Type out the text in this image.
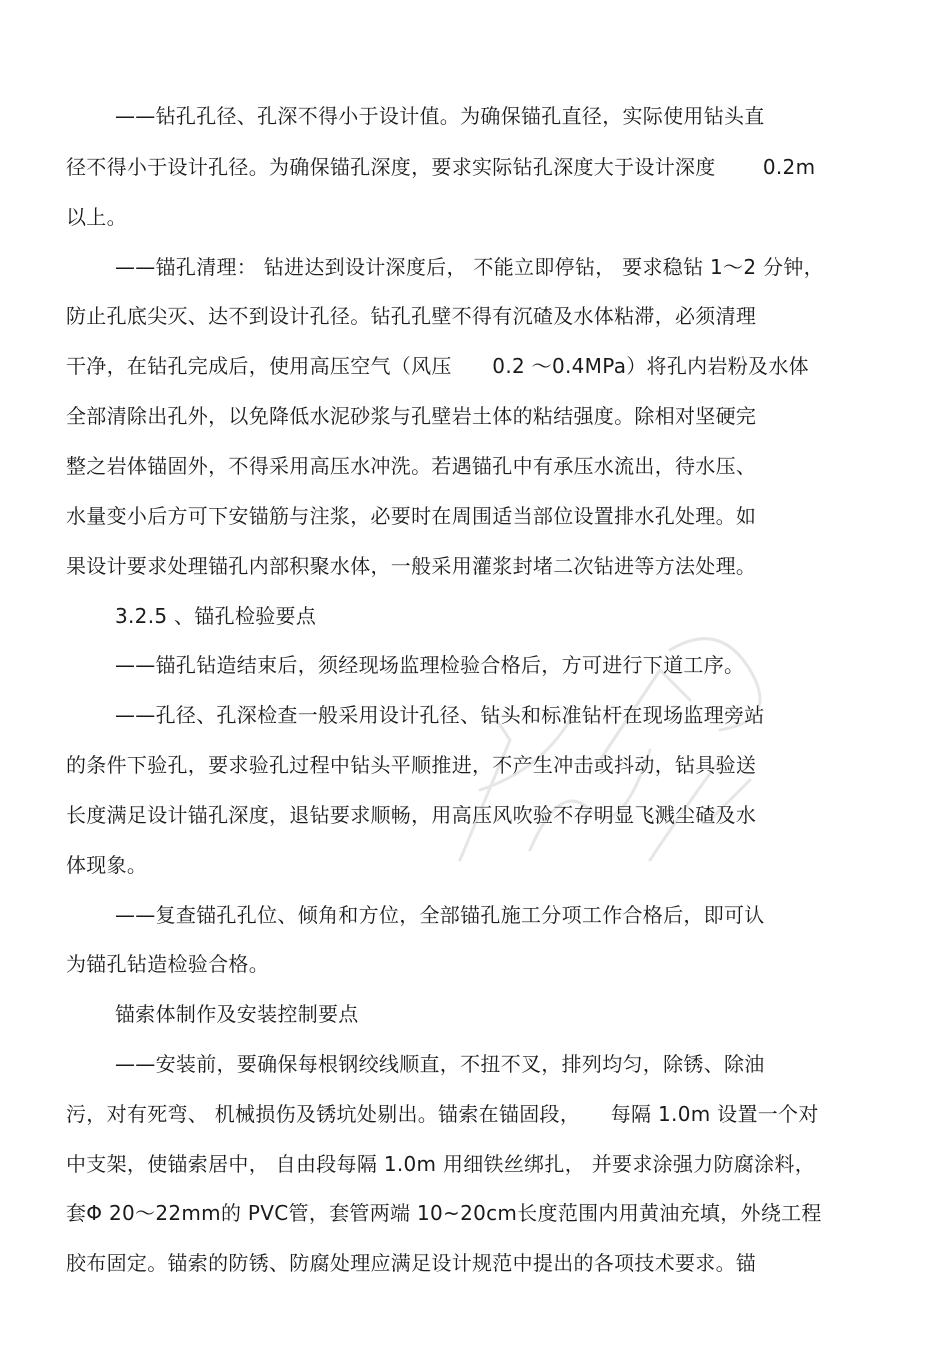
——钻孔孔径、孔深不得小于设计值。为确保锚孔直径，实际使用钻头直
径不得小于设计孔径。为确保锚孔深度，要求实际钻孔深度大于设计深度　　 0.2m
以上。
——锚孔清理： 钻进达到设计深度后， 不能立即停钻， 要求稳钻 1～2 分钟，
防止孔底尖灭、达不到设计孔径。钻孔孔壁不得有沉碴及水体粘滞，必须清理
干净，在钻孔完成后，使用高压空气（风压　　0.2 ～0.4MPa）将孔内岩粉及水体
全部清除出孔外，以免降低水泥砂浆与孔壁岩土体的粘结强度。除相对坚硬完
整之岩体锚固外，不得采用高压水冲洗。若遇锚孔中有承压水流出，待水压、
水量变小后方可下安锚筋与注浆，必要时在周围适当部位设置排水孔处理。如
果设计要求处理锚孔内部积聚水体，一般采用灌浆封堵二次钻进等方法处理。
3.2.5 、锚孔检验要点
——锚孔钻造结束后，须经现场监理检验合格后，方可进行下道工序。
——孔径、孔深检查一般采用设计孔径、钻头和标准钻杆在现场监理旁站
的条件下验孔，要求验孔过程中钻头平顺推进，不产生冲击或抖动，钻具验送
长度满足设计锚孔深度，退钻要求顺畅，用高压风吹验不存明显飞溅尘碴及水
体现象。
——复查锚孔孔位、倾角和方位，全部锚孔施工分项工作合格后，即可认
为锚孔钻造检验合格。
锚索体制作及安装控制要点
——安装前，要确保每根钢绞线顺直，不扭不叉，排列均匀，除锈、除油
污，对有死弯、 机械损伤及锈坑处剔出。锚索在锚固段，　　每隔 1.0m 设置一个对
中支架，使锚索居中， 自由段每隔 1.0m 用细铁丝绑扎， 并要求涂强力防腐涂料，
套Φ 20～22mm的 PVC管，套管两端 10~20cm长度范围内用黄油充填，外绕工程
胶布固定。锚索的防锈、防腐处理应满足设计规范中提出的各项技术要求。锚
